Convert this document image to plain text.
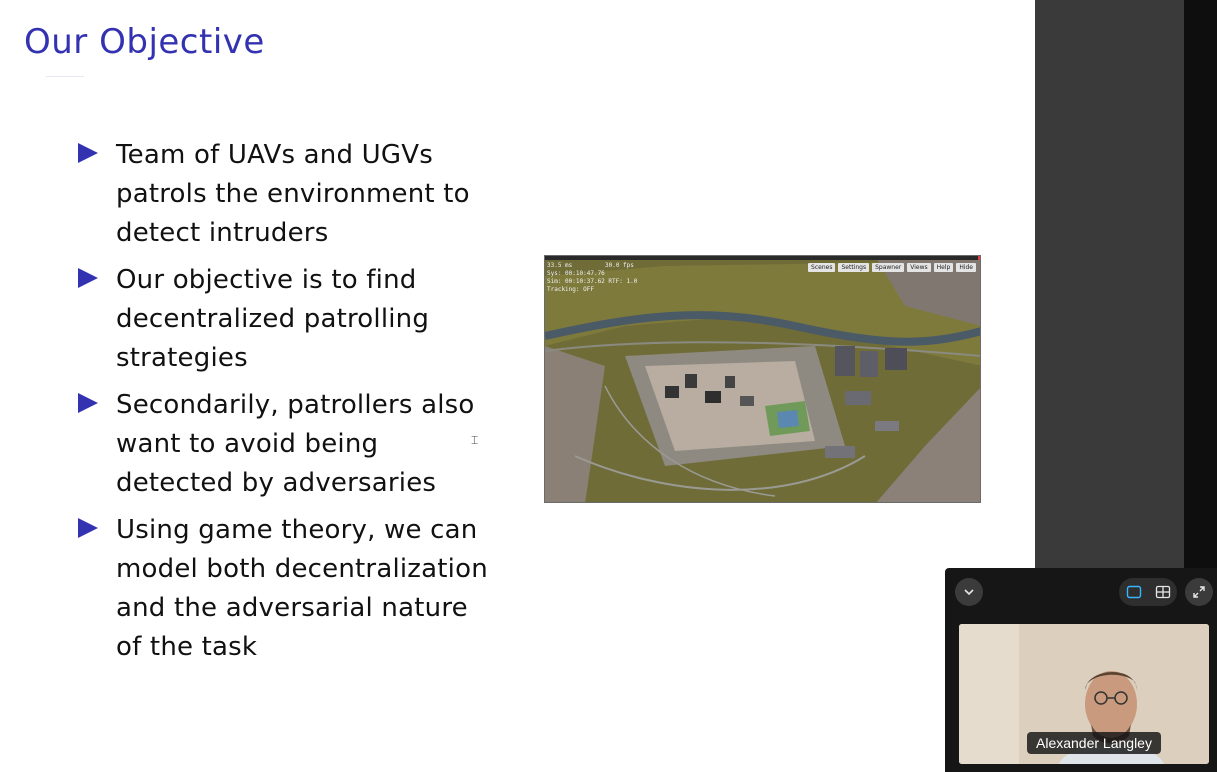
Our Objective
Team of UAVs and UGVs patrols the environment to detect intruders
Our objective is to find decentralized patrolling strategies
Secondarily, patrollers also want to avoid being detected by adversaries
Using game theory, we can model both decentralization and the adversarial nature of the task
33.5 ms
Sys: 00:10:47.76
Sim: 00:10:37.62 RTF: 1.0
Tracking: OFF
30.0 fps	Scenes	Settings	Spawner	Views	Help	Hide
⌶
Alexander Langley
